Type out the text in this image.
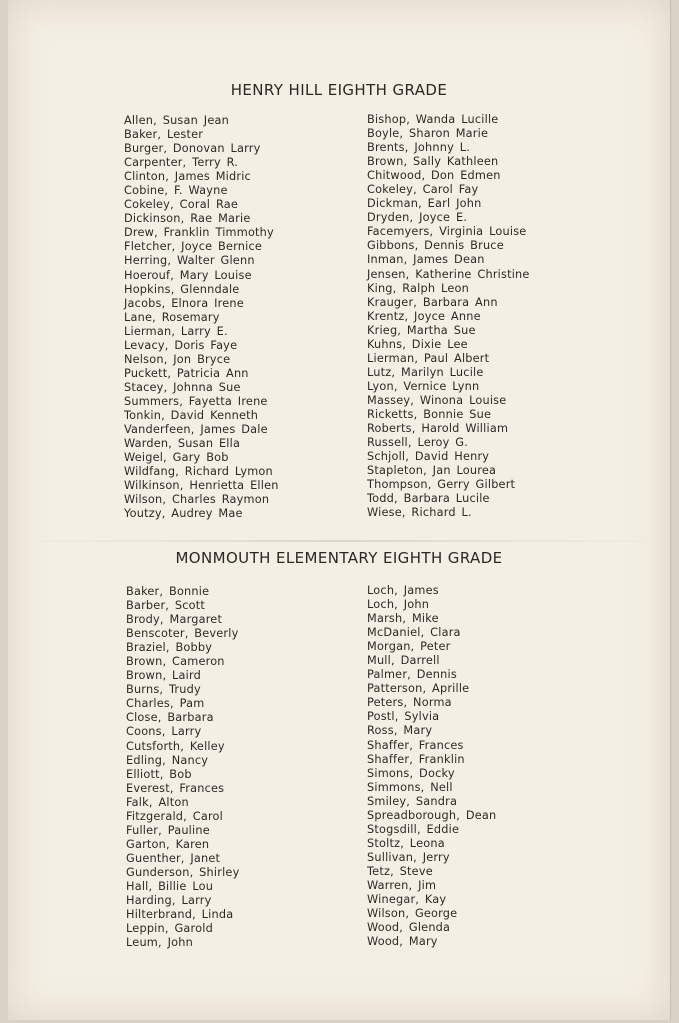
HENRY HILL EIGHTH GRADE
Allen, Susan Jean
Baker, Lester
Burger, Donovan Larry
Carpenter, Terry R.
Clinton, James Midric
Cobine, F. Wayne
Cokeley, Coral Rae
Dickinson, Rae Marie
Drew, Franklin Timmothy
Fletcher, Joyce Bernice
Herring, Walter Glenn
Hoerouf, Mary Louise
Hopkins, Glenndale
Jacobs, Elnora Irene
Lane, Rosemary
Lierman, Larry E.
Levacy, Doris Faye
Nelson, Jon Bryce
Puckett, Patricia Ann
Stacey, Johnna Sue
Summers, Fayetta Irene
Tonkin, David Kenneth
Vanderfeen, James Dale
Warden, Susan Ella
Weigel, Gary Bob
Wildfang, Richard Lymon
Wilkinson, Henrietta Ellen
Wilson, Charles Raymon
Youtzy, Audrey Mae
Bishop, Wanda Lucille
Boyle, Sharon Marie
Brents, Johnny L.
Brown, Sally Kathleen
Chitwood, Don Edmen
Cokeley, Carol Fay
Dickman, Earl John
Dryden, Joyce E.
Facemyers, Virginia Louise
Gibbons, Dennis Bruce
Inman, James Dean
Jensen, Katherine Christine
King, Ralph Leon
Krauger, Barbara Ann
Krentz, Joyce Anne
Krieg, Martha Sue
Kuhns, Dixie Lee
Lierman, Paul Albert
Lutz, Marilyn Lucile
Lyon, Vernice Lynn
Massey, Winona Louise
Ricketts, Bonnie Sue
Roberts, Harold William
Russell, Leroy G.
Schjoll, David Henry
Stapleton, Jan Lourea
Thompson, Gerry Gilbert
Todd, Barbara Lucile
Wiese, Richard L.
MONMOUTH ELEMENTARY EIGHTH GRADE
Baker, Bonnie
Barber, Scott
Brody, Margaret
Benscoter, Beverly
Braziel, Bobby
Brown, Cameron
Brown, Laird
Burns, Trudy
Charles, Pam
Close, Barbara
Coons, Larry
Cutsforth, Kelley
Edling, Nancy
Elliott, Bob
Everest, Frances
Falk, Alton
Fitzgerald, Carol
Fuller, Pauline
Garton, Karen
Guenther, Janet
Gunderson, Shirley
Hall, Billie Lou
Harding, Larry
Hilterbrand, Linda
Leppin, Garold
Leum, John
Loch, James
Loch, John
Marsh, Mike
McDaniel, Clara
Morgan, Peter
Mull, Darrell
Palmer, Dennis
Patterson, Aprille
Peters, Norma
Postl, Sylvia
Ross, Mary
Shaffer, Frances
Shaffer, Franklin
Simons, Docky
Simmons, Nell
Smiley, Sandra
Spreadborough, Dean
Stogsdill, Eddie
Stoltz, Leona
Sullivan, Jerry
Tetz, Steve
Warren, Jim
Winegar, Kay
Wilson, George
Wood, Glenda
Wood, Mary
